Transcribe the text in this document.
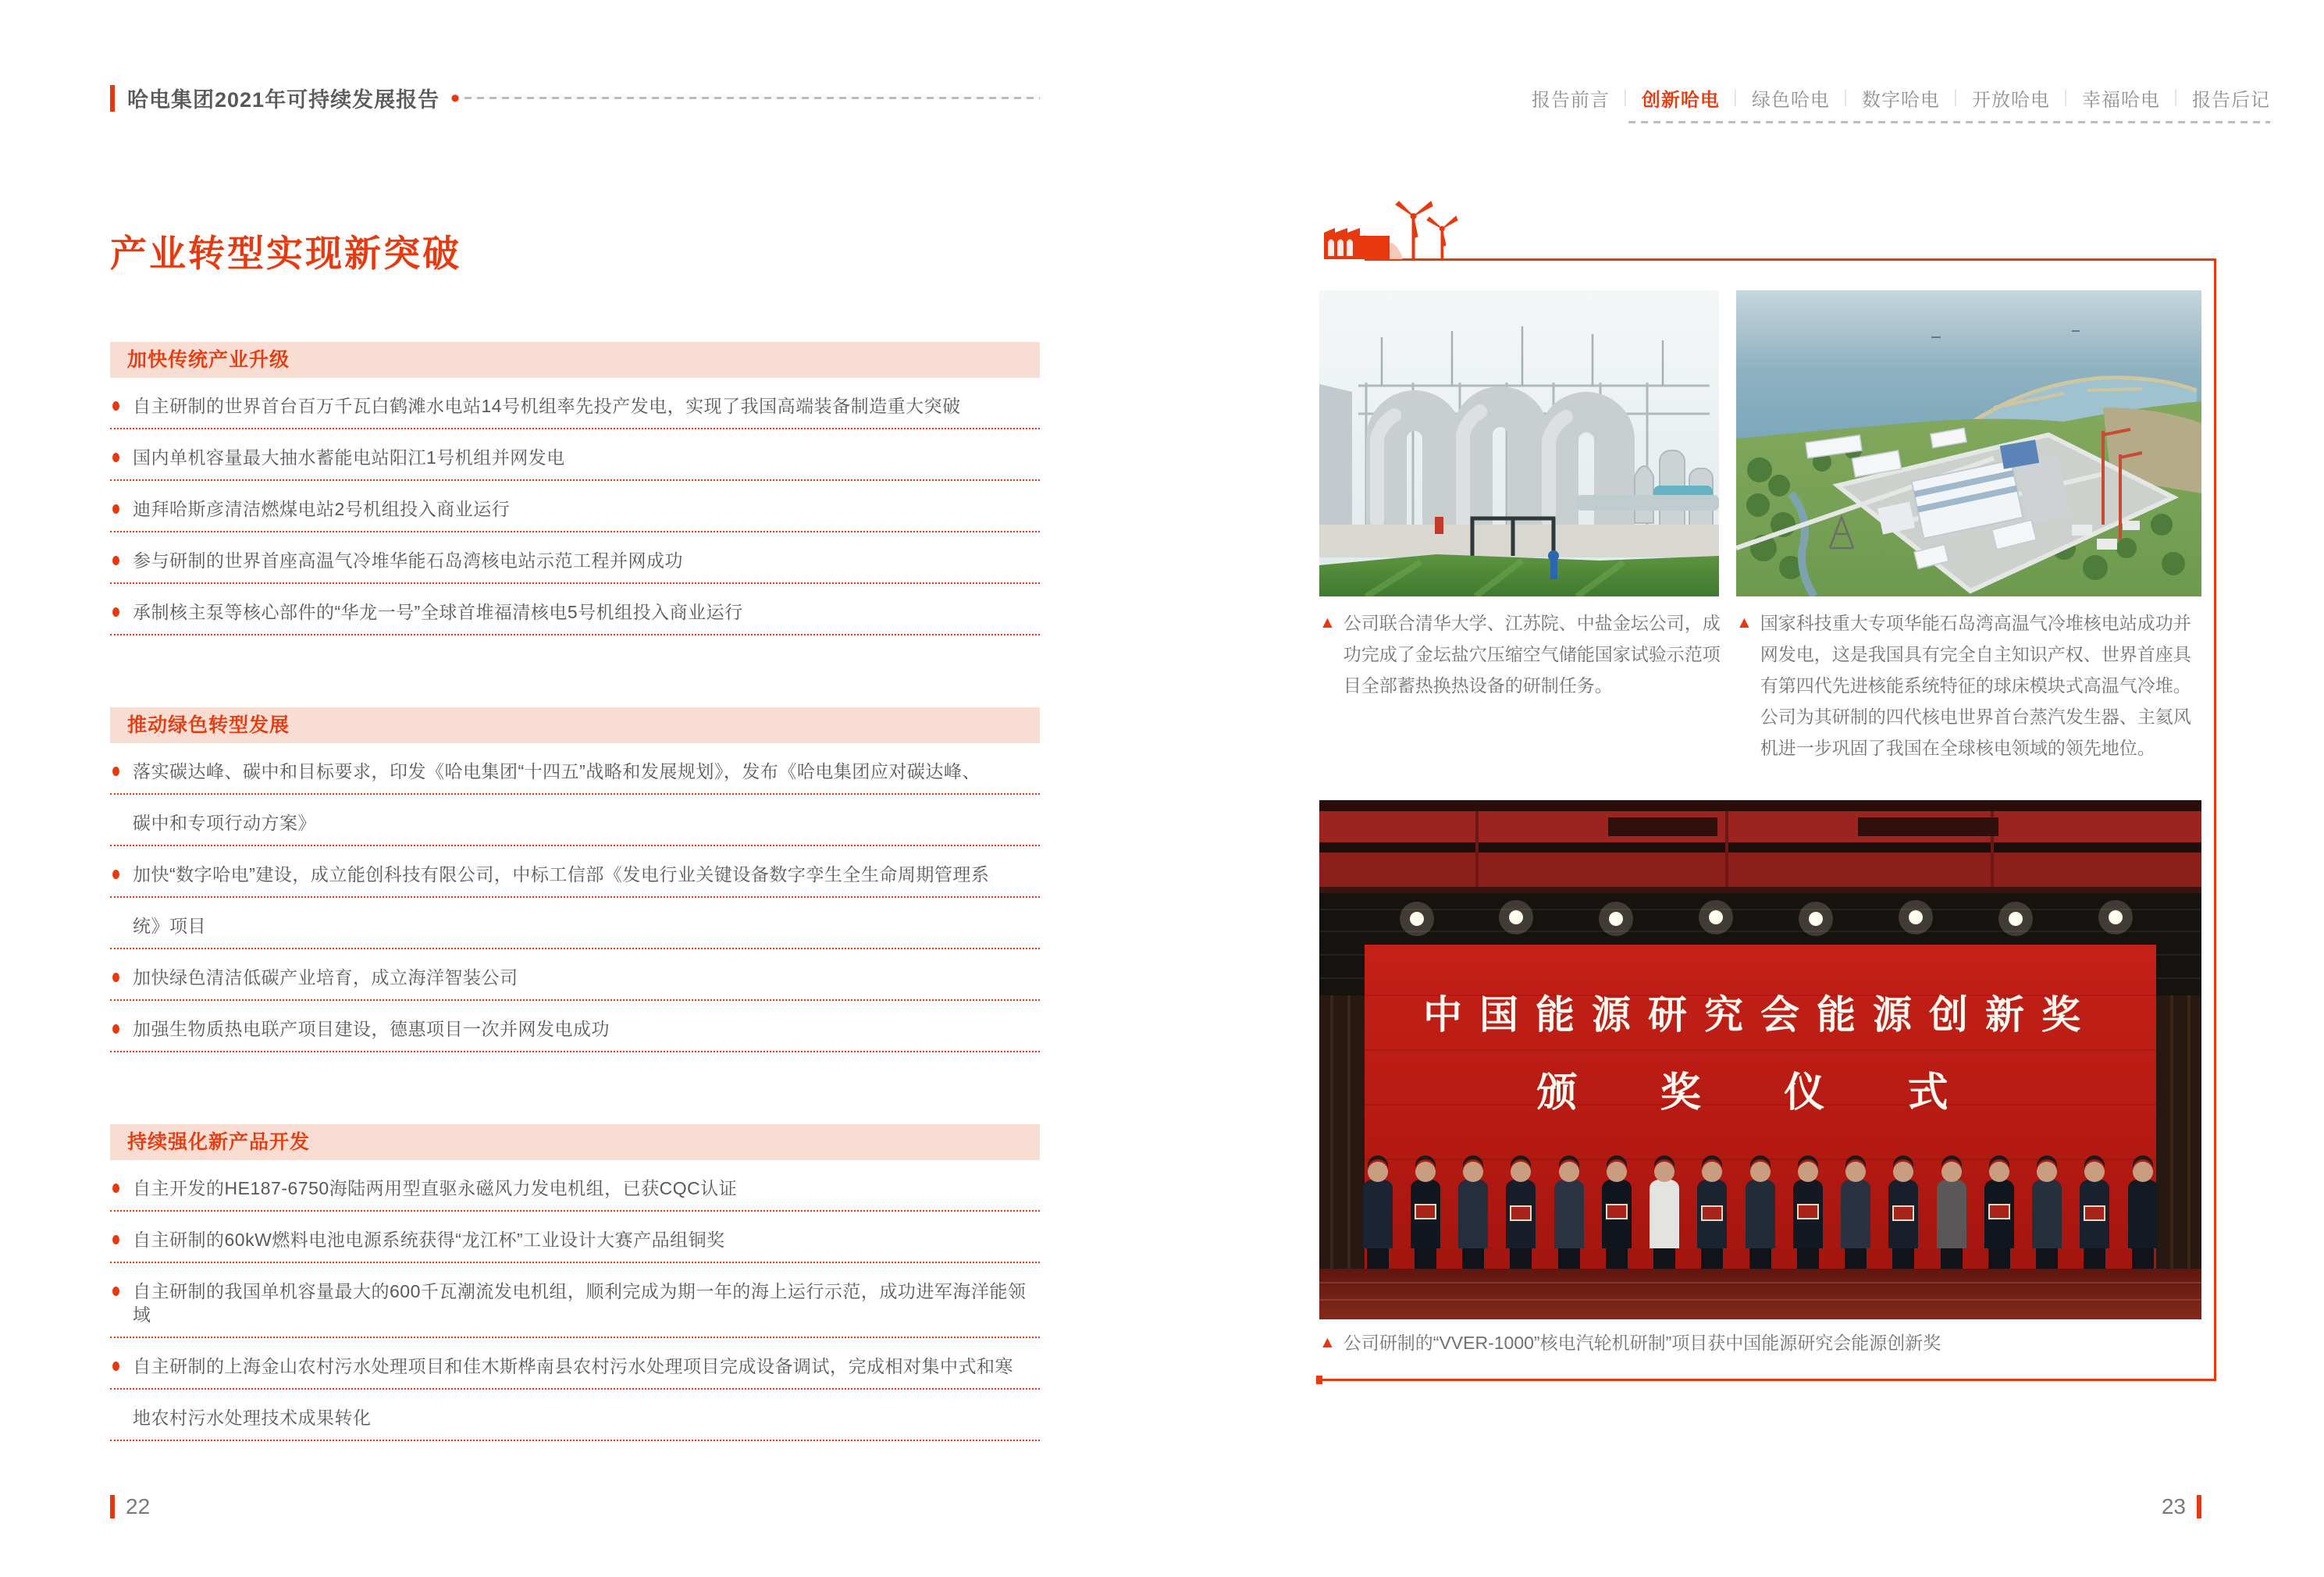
哈电集团2021年可持续发展报告 •	报告前言 ｜ 创新哈电 ｜ 绿色哈电 ｜ 数字哈电 ｜ 开放哈电 ｜ 幸福哈电 ｜ 报告后记
产业转型实现新突破
加快传统产业升级
自主研制的世界首台百万千瓦白鹤滩水电站14号机组率先投产发电，实现了我国高端装备制造重大突破
国内单机容量最大抽水蓄能电站阳江1号机组并网发电
迪拜哈斯彦清洁燃煤电站2号机组投入商业运行
参与研制的世界首座高温气冷堆华能石岛湾核电站示范工程并网成功
承制核主泵等核心部件的“华龙一号”全球首堆福清核电5号机组投入商业运行
推动绿色转型发展
落实碳达峰、碳中和目标要求，印发《哈电集团“十四五”战略和发展规划》，发布《哈电集团应对碳达峰、
碳中和专项行动方案》
加快“数字哈电”建设，成立能创科技有限公司，中标工信部《发电行业关键设备数字孪生全生命周期管理系
统》项目
加快绿色清洁低碳产业培育，成立海洋智装公司
加强生物质热电联产项目建设，德惠项目一次并网发电成功
持续强化新产品开发
自主开发的HE187-6750海陆两用型直驱永磁风力发电机组，已获CQC认证
自主研制的60kW燃料电池电源系统获得“龙江杯”工业设计大赛产品组铜奖
自主研制的我国单机容量最大的600千瓦潮流发电机组，顺利完成为期一年的海上运行示范，成功进军海洋能领域
自主研制的上海金山农村污水处理项目和佳木斯桦南县农村污水处理项目完成设备调试，完成相对集中式和寒
地农村污水处理技术成果转化
▲ 公司联合清华大学、江苏院、中盐金坛公司，成功完成了金坛盐穴压缩空气储能国家试验示范项目全部蓄热换热设备的研制任务。
▲ 国家科技重大专项华能石岛湾高温气冷堆核电站成功并网发电，这是我国具有完全自主知识产权、世界首座具有第四代先进核能系统特征的球床模块式高温气冷堆。公司为其研制的四代核电世界首台蒸汽发生器、主氦风机进一步巩固了我国在全球核电领域的领先地位。
中国能源研究会能源创新奖
颁 奖 仪 式
▲ 公司研制的“VVER-1000”核电汽轮机研制”项目获中国能源研究会能源创新奖
22	23
